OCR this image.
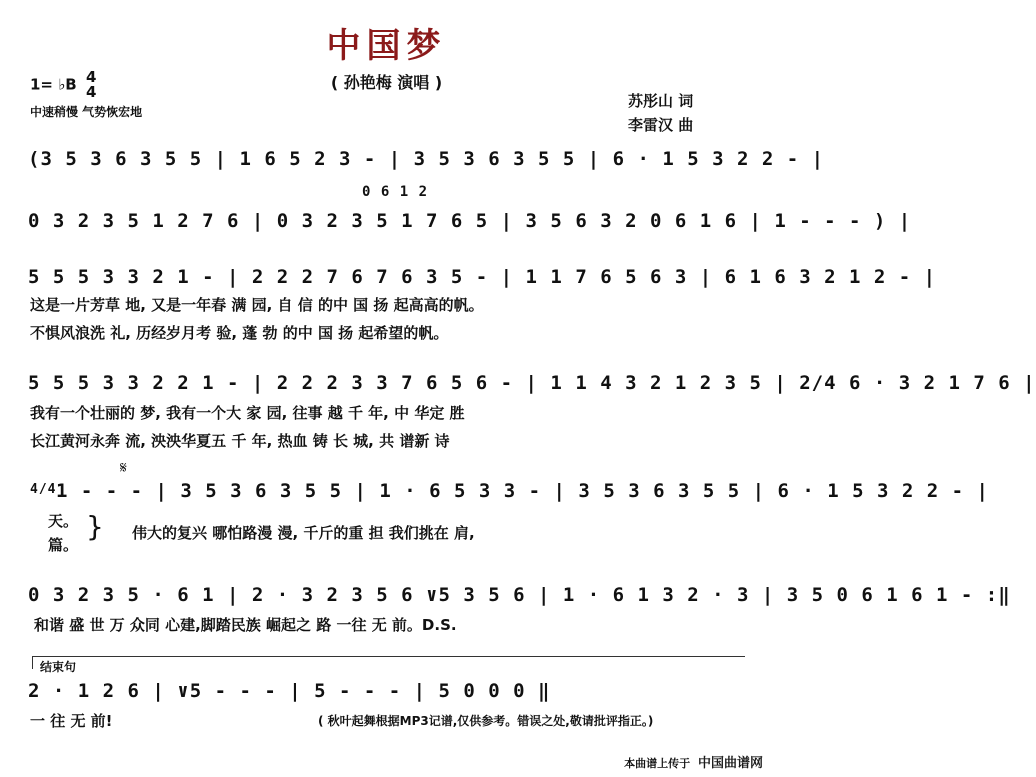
中国梦
( 孙艳梅 演唱 )
1= ♭B 4
4
中速稍慢 气势恢宏地
苏彤山 词
李雷汉 曲
(3 5 3 6 3 5 5 | 1 6 5 2 3 - | 3 5 3 6 3 5 5 | 6 · 1 5 3 2 2 - |
0 6 1 2
0 3 2 3 5 1 2 7 6 | 0 3 2 3 5 1 7 6 5 | 3 5 6 3 2 0 6 1 6 | 1 - - - ) |
5 5 5 3 3 2 1 - | 2 2 2 7 6 7 6 3 5 - | 1 1 7 6 5 6 3 | 6 1 6 3 2 1 2 - |
这是一片芳草 地, 又是一年春 满 园, 自 信 的中 国 扬 起高高的帆。
不惧风浪洗 礼, 历经岁月考 验, 蓬 勃 的中 国 扬 起希望的帆。
5 5 5 3 3 2 2 1 - | 2 2 2 3 3 7 6 5 6 - | 1 1 4 3 2 1 2 3 5 | 2/4 6 · 3 2 1 7 6 |
我有一个壮丽的 梦, 我有一个大 家 园, 往事 越 千 年, 中 华定 胜
长江黄河永奔 流, 泱泱华夏五 千 年, 热血 铸 长 城, 共 谱新 诗
4/4
𝄋
1 - - - | 3 5 3 6 3 5 5 | 1 · 6 5 3 3 - | 3 5 3 6 3 5 5 | 6 · 1 5 3 2 2 - |
天。
篇。
} 伟大的复兴 哪怕路漫 漫, 千斤的重 担 我们挑在 肩,
0 3 2 3 5 · 6 1 | 2 · 3 2 3 5 6 ∨5 3 5 6 | 1 · 6 1 3 2 · 3 | 3 5 0 6 1 6 1 - :‖
和谐 盛 世 万 众同 心建,脚踏民族 崛起之 路 一往 无 前。D.S.
结束句
2 · 1 2 6 | ∨5 - - - | 5 - - - | 5 0 0 0 ‖
一 往 无 前!	( 秋叶起舞根据MP3记谱,仅供参考。错误之处,敬请批评指正。)
本曲谱上传于 中国曲谱网
